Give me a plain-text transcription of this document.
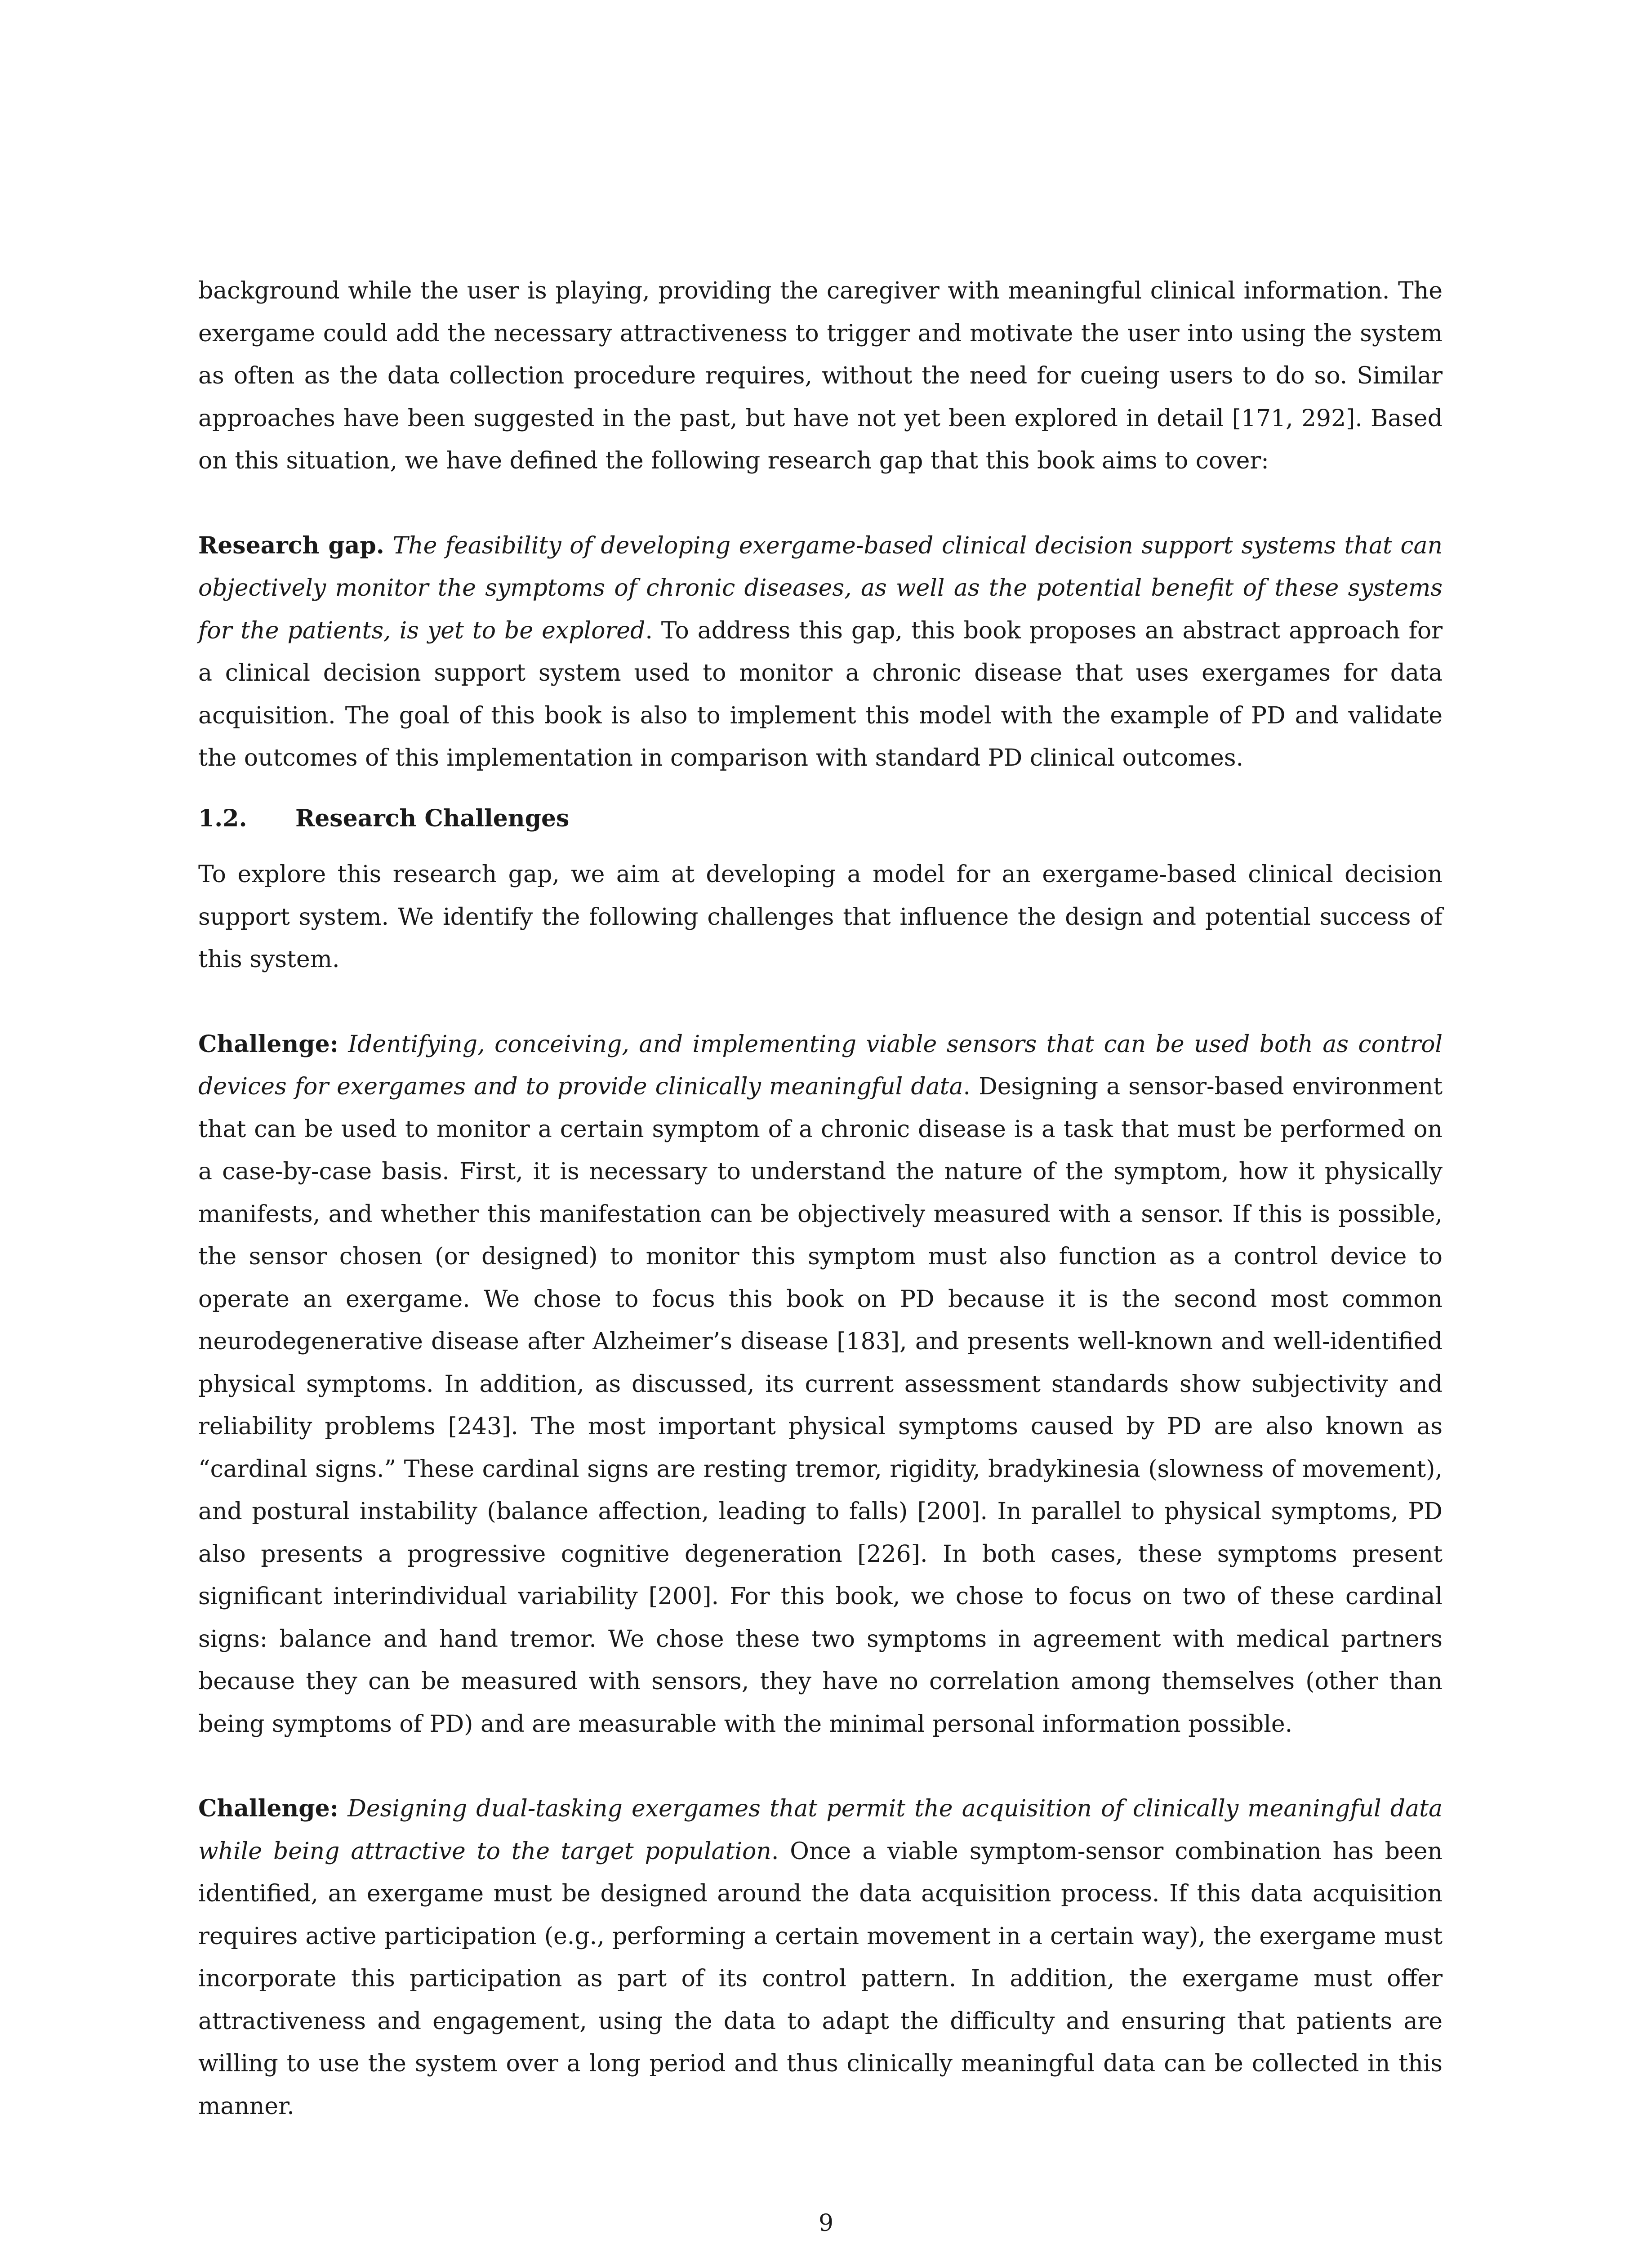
background while the user is playing, providing the caregiver with meaningful clinical information. The exergame could add the necessary attractiveness to trigger and motivate the user into using the system as often as the data collection procedure requires, without the need for cueing users to do so. Similar approaches have been suggested in the past, but have not yet been explored in detail [171, 292]. Based on this situation, we have defined the following research gap that this book aims to cover:

Research gap. The feasibility of developing exergame-based clinical decision support systems that can objectively monitor the symptoms of chronic diseases, as well as the potential benefit of these systems for the patients, is yet to be explored. To address this gap, this book proposes an abstract approach for a clinical decision support system used to monitor a chronic disease that uses exergames for data acquisition. The goal of this book is also to implement this model with the example of PD and validate the outcomes of this implementation in comparison with standard PD clinical outcomes.

1.2.	Research Challenges

To explore this research gap, we aim at developing a model for an exergame-based clinical decision support system. We identify the following challenges that influence the design and potential success of this system.

Challenge: Identifying, conceiving, and implementing viable sensors that can be used both as control devices for exergames and to provide clinically meaningful data. Designing a sensor-based environment that can be used to monitor a certain symptom of a chronic disease is a task that must be performed on a case-by-case basis. First, it is necessary to understand the nature of the symptom, how it physically manifests, and whether this manifestation can be objectively measured with a sensor. If this is possible, the sensor chosen (or designed) to monitor this symptom must also function as a control device to operate an exergame. We chose to focus this book on PD because it is the second most common neurodegenerative disease after Alzheimer’s disease [183], and presents well-known and well-identified physical symptoms. In addition, as discussed, its current assessment standards show subjectivity and reliability problems [243]. The most important physical symptoms caused by PD are also known as “cardinal signs.” These cardinal signs are resting tremor, rigidity, bradykinesia (slowness of movement), and postural instability (balance affection, leading to falls) [200]. In parallel to physical symptoms, PD also presents a progressive cognitive degeneration [226]. In both cases, these symptoms present significant interindividual variability [200]. For this book, we chose to focus on two of these cardinal signs: balance and hand tremor. We chose these two symptoms in agreement with medical partners because they can be measured with sensors, they have no correlation among themselves (other than being symptoms of PD) and are measurable with the minimal personal information possible.

Challenge: Designing dual-tasking exergames that permit the acquisition of clinically meaningful data while being attractive to the target population. Once a viable symptom-sensor combination has been identified, an exergame must be designed around the data acquisition process. If this data acquisition requires active participation (e.g., performing a certain movement in a certain way), the exergame must incorporate this participation as part of its control pattern. In addition, the exergame must offer attractiveness and engagement, using the data to adapt the difficulty and ensuring that patients are willing to use the system over a long period and thus clinically meaningful data can be collected in this manner.

9
